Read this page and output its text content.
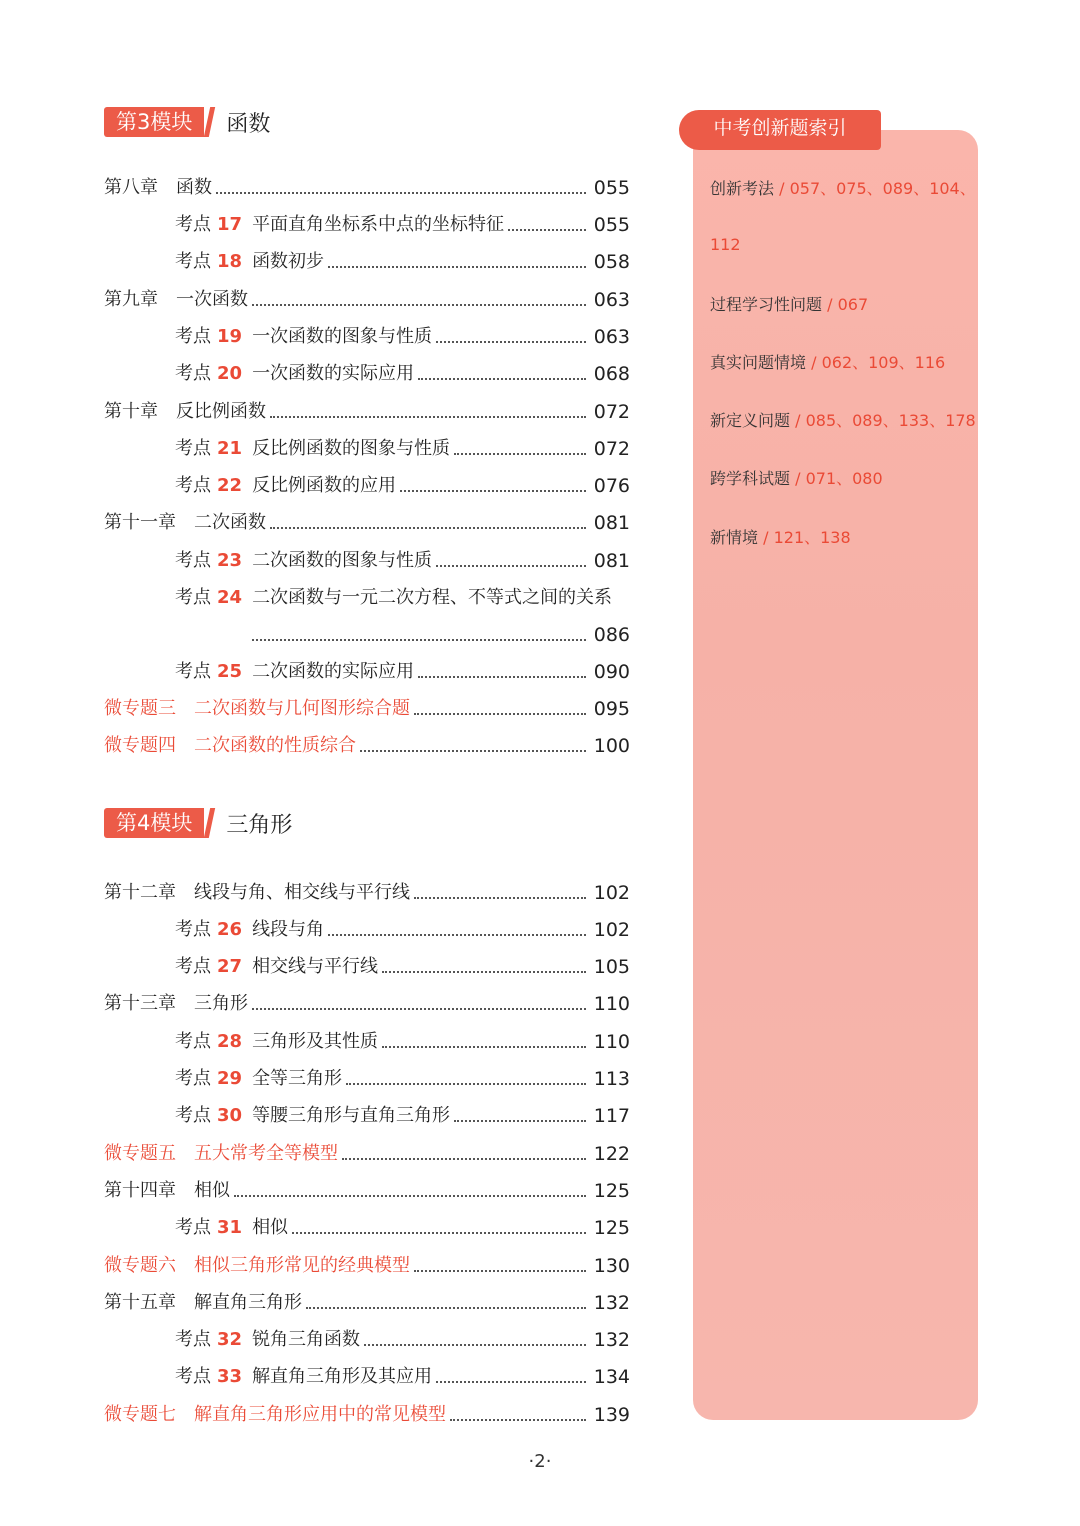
第3模块	函数
第4模块	三角形
第八章 函数	055
考点 17 平面直角坐标系中点的坐标特征	055
考点 18 函数初步	058
第九章 一次函数	063
考点 19 一次函数的图象与性质	063
考点 20 一次函数的实际应用	068
第十章 反比例函数	072
考点 21 反比例函数的图象与性质	072
考点 22 反比例函数的应用	076
第十一章 二次函数	081
考点 23 二次函数的图象与性质	081
考点 24 二次函数与一元二次方程、不等式之间的关系
086
考点 25 二次函数的实际应用	090
微专题三 二次函数与几何图形综合题	095
微专题四 二次函数的性质综合	100
第十二章 线段与角、相交线与平行线	102
考点 26 线段与角	102
考点 27 相交线与平行线	105
第十三章 三角形	110
考点 28 三角形及其性质	110
考点 29 全等三角形	113
考点 30 等腰三角形与直角三角形	117
微专题五 五大常考全等模型	122
第十四章 相似	125
考点 31 相似	125
微专题六 相似三角形常见的经典模型	130
第十五章 解直角三角形	132
考点 32 锐角三角函数	132
考点 33 解直角三角形及其应用	134
微专题七 解直角三角形应用中的常见模型	139
中考创新题索引
创新考法 / 057、075、089、104、
112
过程学习性问题 / 067
真实问题情境 / 062、109、116
新定义问题 / 085、089、133、178
跨学科试题 / 071、080
新情境 / 121、138
·2·
